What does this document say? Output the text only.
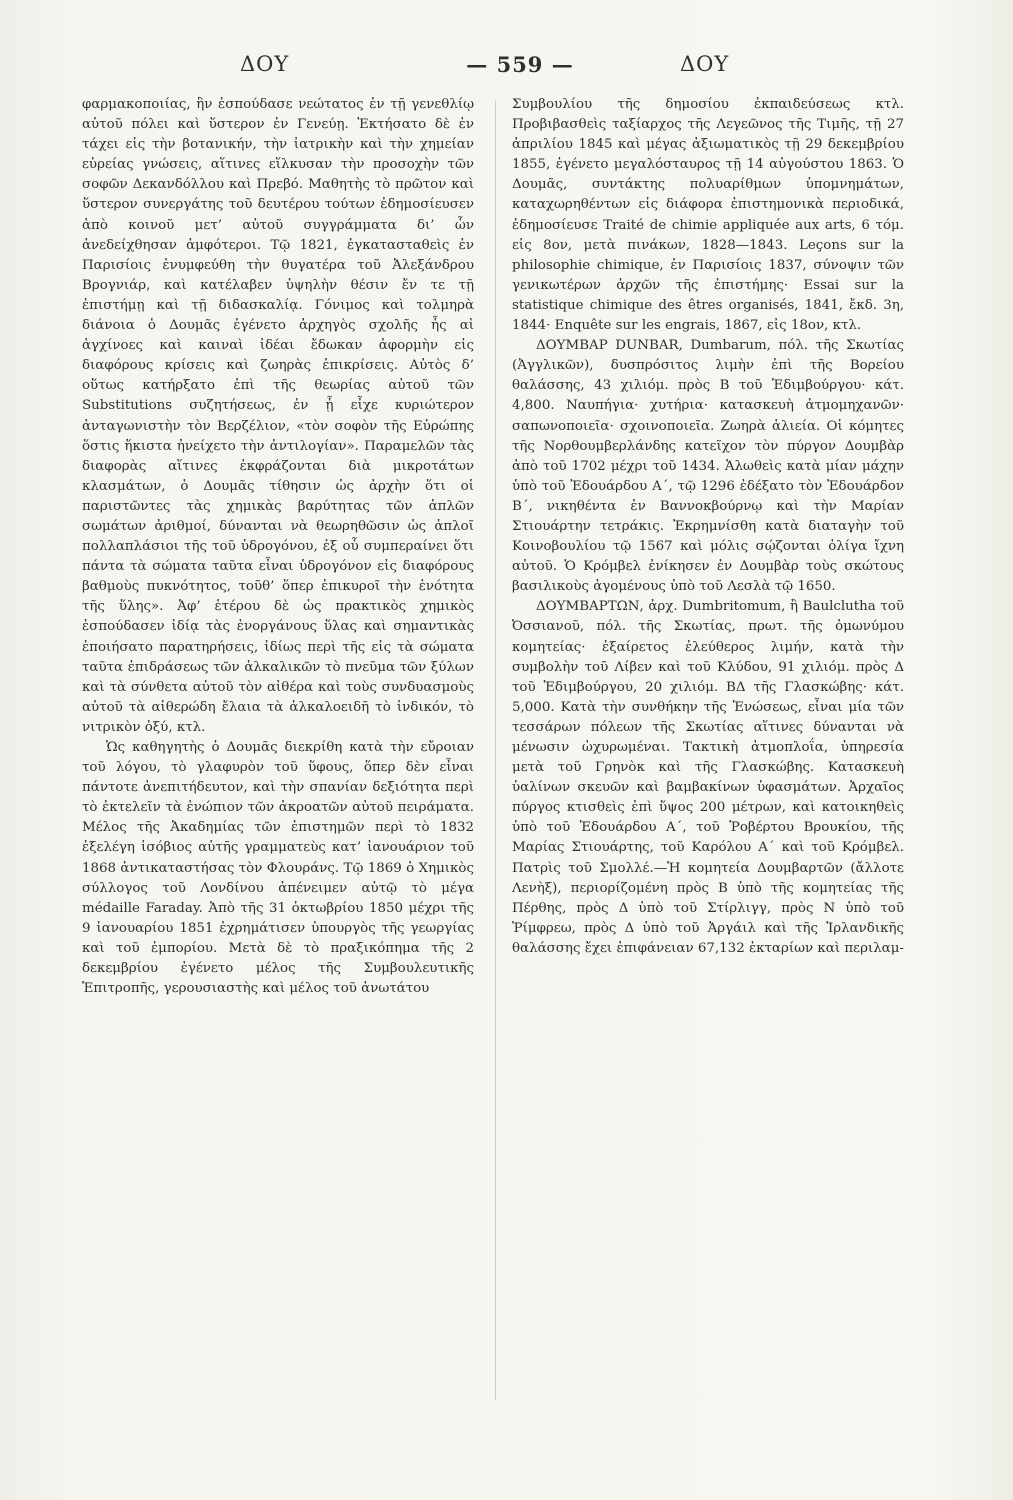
ΔΟΥ	— 559 —	ΔΟΥ

φαρμακοποιίας, ἣν ἐσπούδασε νεώτατος ἐν τῇ γενεθλίῳ αὐτοῦ πόλει καὶ ὕστερον ἐν Γενεύῃ. Ἐκτήσατο δὲ ἐν τάχει εἰς τὴν βοτανικήν, τὴν ἰατρικὴν καὶ τὴν χημείαν εὐρείας γνώσεις, αἵτινες εἵλκυσαν τὴν προσοχὴν τῶν σοφῶν Δεκανδόλλου καὶ Πρεβό. Μαθητὴς τὸ πρῶτον καὶ ὕστερον συνεργάτης τοῦ δευτέρου τούτων ἐδημοσίευσεν ἀπὸ κοινοῦ μετ’ αὐτοῦ συγγράμματα δι’ ὧν ἀνεδείχθησαν ἀμφότεροι. Τῷ 1821, ἐγκατασταθεὶς ἐν Παρισίοις ἐνυμφεύθη τὴν θυγατέρα τοῦ Ἀλεξάνδρου Βρογνιάρ, καὶ κατέλαβεν ὑψηλὴν θέσιν ἔν τε τῇ ἐπιστήμῃ καὶ τῇ διδασκαλίᾳ. Γόνιμος καὶ τολμηρὰ διάνοια ὁ Δουμᾶς ἐγένετο ἀρχηγὸς σχολῆς ἧς αἱ ἀγχίνοες καὶ καιναὶ ἰδέαι ἔδωκαν ἀφορμὴν εἰς διαφόρους κρίσεις καὶ ζωηρὰς ἐπικρίσεις. Αὐτὸς δ’ οὕτως κατήρξατο ἐπὶ τῆς θεωρίας αὐτοῦ τῶν Substitutions συζητήσεως, ἐν ᾗ εἶχε κυριώτερον ἀνταγωνιστὴν τὸν Βερζέλιον, «τὸν σοφὸν τῆς Εὐρώπης ὅστις ἥκιστα ἠνείχετο τὴν ἀντιλογίαν». Παραμελῶν τὰς διαφορὰς αἵτινες ἐκφράζονται διὰ μικροτάτων κλασμάτων, ὁ Δουμᾶς τίθησιν ὡς ἀρχὴν ὅτι οἱ παριστῶντες τὰς χημικὰς βαρύτητας τῶν ἁπλῶν σωμάτων ἀριθμοί, δύνανται νὰ θεωρηθῶσιν ὡς ἁπλοῖ πολλαπλάσιοι τῆς τοῦ ὑδρογόνου, ἐξ οὗ συμπεραίνει ὅτι πάντα τὰ σώματα ταῦτα εἶναι ὑδρογόνον εἰς διαφόρους βαθμοὺς πυκνότητος, τοῦθ’ ὅπερ ἐπικυροῖ τὴν ἑνότητα τῆς ὕλης». Ἀφ’ ἑτέρου δὲ ὡς πρακτικὸς χημικὸς ἐσπούδασεν ἰδίᾳ τὰς ἐνοργάνους ὕλας καὶ σημαντικὰς ἐποιήσατο παρατηρήσεις, ἰδίως περὶ τῆς εἰς τὰ σώματα ταῦτα ἐπιδράσεως τῶν ἀλκαλικῶν τὸ πνεῦμα τῶν ξύλων καὶ τὰ σύνθετα αὐτοῦ τὸν αἰθέρα καὶ τοὺς συνδυασμοὺς αὐτοῦ τὰ αἰθερώδη ἔλαια τὰ ἀλκαλοειδῆ τὸ ἰνδικόν, τὸ νιτρικὸν ὀξύ, κτλ.

Ὡς καθηγητὴς ὁ Δουμᾶς διεκρίθη κατὰ τὴν εὔροιαν τοῦ λόγου, τὸ γλαφυρὸν τοῦ ὕφους, ὅπερ δὲν εἶναι πάντοτε ἀνεπιτήδευτον, καὶ τὴν σπανίαν δεξιότητα περὶ τὸ ἐκτελεῖν τὰ ἐνώπιον τῶν ἀκροατῶν αὐτοῦ πειράματα. Μέλος τῆς Ἀκαδημίας τῶν ἐπιστημῶν περὶ τὸ 1832 ἐξελέγη ἰσόβιος αὐτῆς γραμματεὺς κατ’ ἰανουάριον τοῦ 1868 ἀντικαταστήσας τὸν Φλουράνς. Τῷ 1869 ὁ Χημικὸς σύλλογος τοῦ Λονδίνου ἀπένειμεν αὐτῷ τὸ μέγα médaille Faraday. Ἀπὸ τῆς 31 ὀκτωβρίου 1850 μέχρι τῆς 9 ἰανουαρίου 1851 ἐχρημάτισεν ὑπουργὸς τῆς γεωργίας καὶ τοῦ ἐμπορίου. Μετὰ δὲ τὸ πραξικόπημα τῆς 2 δεκεμβρίου ἐγένετο μέλος τῆς Συμβουλευτικῆς Ἐπιτροπῆς, γερουσιαστὴς καὶ μέλος τοῦ ἀνωτάτου

Συμβουλίου τῆς δημοσίου ἐκπαιδεύσεως κτλ. Προβιβασθεὶς ταξίαρχος τῆς Λεγεῶνος τῆς Τιμῆς, τῇ 27 ἀπριλίου 1845 καὶ μέγας ἀξιωματικὸς τῇ 29 δεκεμβρίου 1855, ἐγένετο μεγαλόσταυρος τῇ 14 αὐγούστου 1863. Ὁ Δουμᾶς, συντάκτης πολυαρίθμων ὑπομνημάτων, καταχωρηθέντων εἰς διάφορα ἐπιστημονικὰ περιοδικά, ἐδημοσίευσε Traité de chimie appliquée aux arts, 6 τόμ. εἰς 8ον, μετὰ πινάκων, 1828—1843. Leçons sur la philosophie chimique, ἐν Παρισίοις 1837, σύνοψιν τῶν γενικωτέρων ἀρχῶν τῆς ἐπιστήμης· Essai sur la statistique chimique des êtres organisés, 1841, ἔκδ. 3η, 1844· Enquête sur les engrais, 1867, εἰς 18ον, κτλ.

ΔΟΥΜΒΑΡ DUNBAR, Dumbarum, πόλ. τῆς Σκωτίας (Ἀγγλικῶν), δυσπρόσιτος λιμὴν ἐπὶ τῆς Βορείου θαλάσσης, 43 χιλιόμ. πρὸς Β τοῦ Ἐδιμβούργου· κάτ. 4,800. Ναυπήγια· χυτήρια· κατασκευὴ ἀτμομηχανῶν· σαπωνοποιεῖα· σχοινοποιεῖα. Ζωηρὰ ἁλιεία. Οἱ κόμητες τῆς Νορθουμβερλάνδης κατεῖχον τὸν πύργον Δουμβὰρ ἀπὸ τοῦ 1702 μέχρι τοῦ 1434. Ἁλωθεὶς κατὰ μίαν μάχην ὑπὸ τοῦ Ἐδουάρδου Α΄, τῷ 1296 ἐδέξατο τὸν Ἐδουάρδον Β΄, νικηθέντα ἐν Βαννοκβούρνῳ καὶ τὴν Μαρίαν Στιουάρτην τετράκις. Ἐκρημνίσθη κατὰ διαταγὴν τοῦ Κοινοβουλίου τῷ 1567 καὶ μόλις σῴζονται ὀλίγα ἴχνη αὐτοῦ. Ὁ Κρόμβελ ἐνίκησεν ἐν Δουμβὰρ τοὺς σκώτους βασιλικοὺς ἀγομένους ὑπὸ τοῦ Λεσλὰ τῷ 1650.

ΔΟΥΜΒΑΡΤΩΝ, ἀρχ. Dumbritomum, ἢ Baulclutha τοῦ Ὀσσιανοῦ, πόλ. τῆς Σκωτίας, πρωτ. τῆς ὁμωνύμου κομητείας· ἐξαίρετος ἐλεύθερος λιμήν, κατὰ τὴν συμβολὴν τοῦ Λίβεν καὶ τοῦ Κλύδου, 91 χιλιόμ. πρὸς Δ τοῦ Ἐδιμβούργου, 20 χιλιόμ. ΒΔ τῆς Γλασκώβης· κάτ. 5,000. Κατὰ τὴν συνθήκην τῆς Ἑνώσεως, εἶναι μία τῶν τεσσάρων πόλεων τῆς Σκωτίας αἵτινες δύνανται νὰ μένωσιν ὠχυρωμέναι. Τακτικὴ ἀτμοπλοΐα, ὑπηρεσία μετὰ τοῦ Γρηνὸκ καὶ τῆς Γλασκώβης. Κατασκευὴ ὑαλίνων σκευῶν καὶ βαμβακίνων ὑφασμάτων. Ἀρχαῖος πύργος κτισθεὶς ἐπὶ ὕψος 200 μέτρων, καὶ κατοικηθεὶς ὑπὸ τοῦ Ἐδουάρδου Α΄, τοῦ Ῥοβέρτου Βρουκίου, τῆς Μαρίας Στιουάρτης, τοῦ Καρόλου Α΄ καὶ τοῦ Κρόμβελ. Πατρὶς τοῦ Σμολλέ.—Ἡ κομητεία Δουμβαρτῶν (ἄλλοτε Λενὴξ), περιορίζομένη πρὸς Β ὑπὸ τῆς κομητείας τῆς Πέρθης, πρὸς Δ ὑπὸ τοῦ Στίρλιγγ, πρὸς Ν ὑπὸ τοῦ Ῥίμφρεω, πρὸς Δ ὑπὸ τοῦ Ἀργάιλ καὶ τῆς Ἰρλανδικῆς θαλάσσης ἔχει ἐπιφάνειαν 67,132 ἑκταρίων καὶ περιλαμ-
